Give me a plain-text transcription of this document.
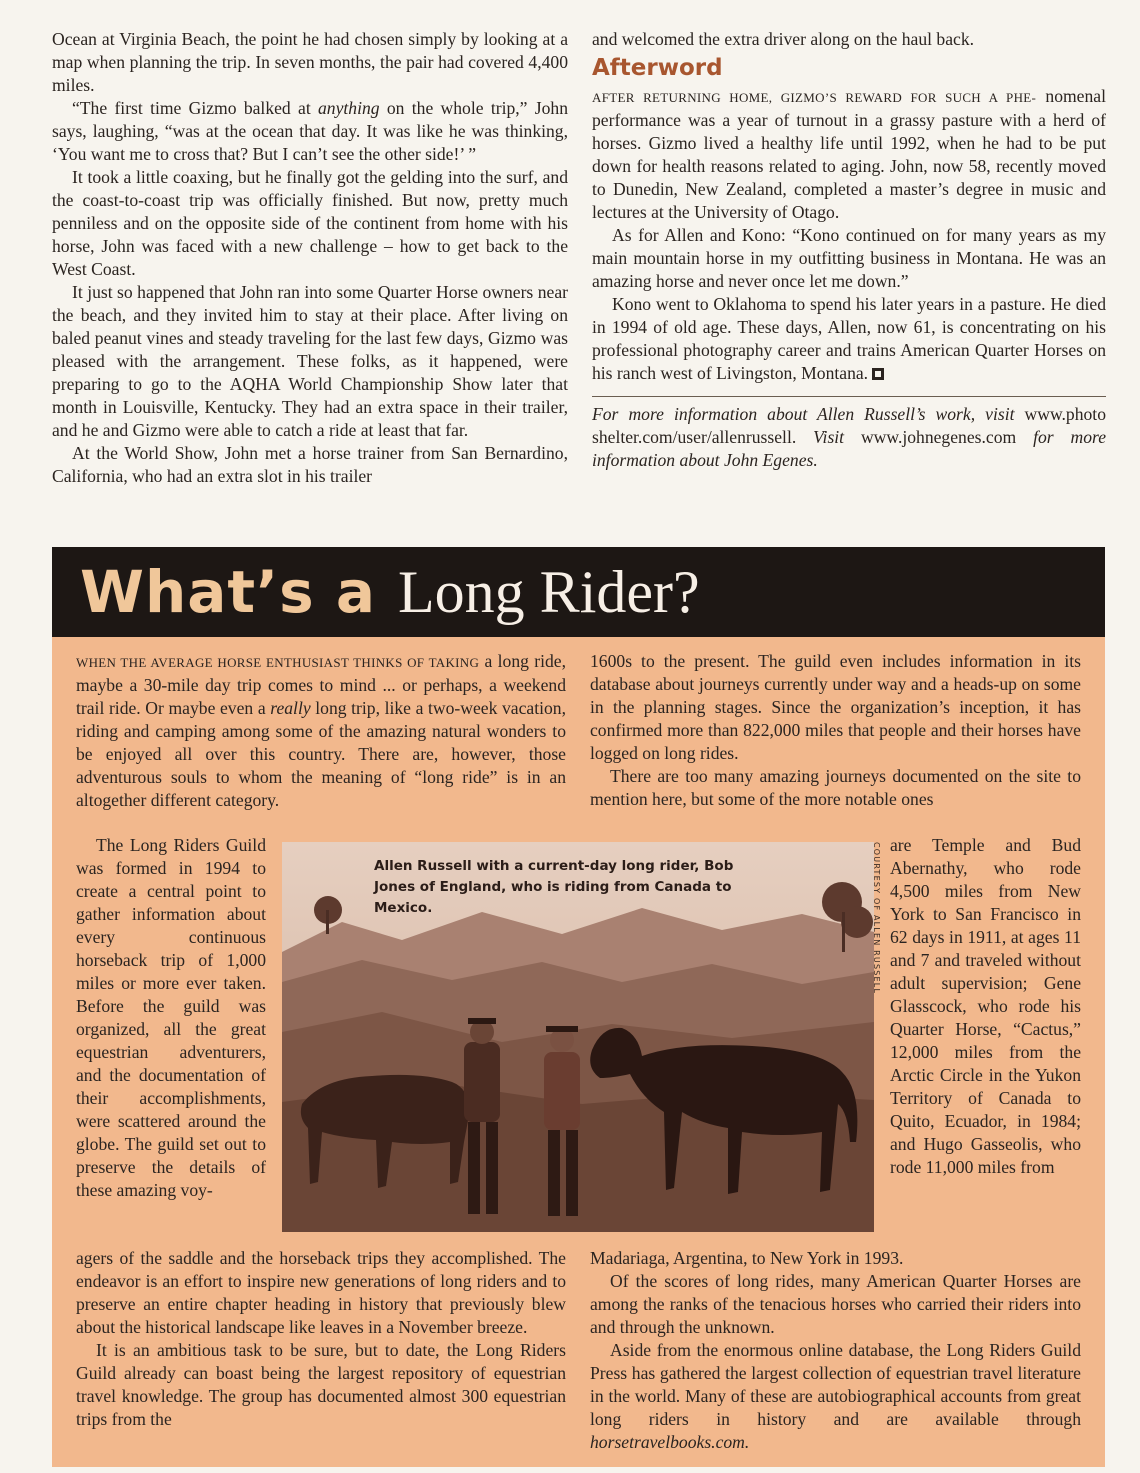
Ocean at Virginia Beach, the point he had chosen simply by looking at a map when planning the trip. In seven months, the pair had covered 4,400 miles.

“The first time Gizmo balked at anything on the whole trip,” John says, laughing, “was at the ocean that day. It was like he was thinking, ‘You want me to cross that? But I can’t see the other side!’ ”

It took a little coaxing, but he finally got the gelding into the surf, and the coast-to-coast trip was officially finished. But now, pretty much penniless and on the opposite side of the continent from home with his horse, John was faced with a new challenge – how to get back to the West Coast.

It just so happened that John ran into some Quarter Horse owners near the beach, and they invited him to stay at their place. After living on baled peanut vines and steady traveling for the last few days, Gizmo was pleased with the arrangement. These folks, as it happened, were preparing to go to the AQHA World Championship Show later that month in Louisville, Kentucky. They had an extra space in their trailer, and he and Gizmo were able to catch a ride at least that far.

At the World Show, John met a horse trainer from San Bernardino, California, who had an extra slot in his trailer

and welcomed the extra driver along on the haul back.

Afterword

AFTER RETURNING HOME, GIZMO’S REWARD FOR SUCH A PHE- nomenal performance was a year of turnout in a grassy pasture with a herd of horses. Gizmo lived a healthy life until 1992, when he had to be put down for health reasons related to aging. John, now 58, recently moved to Dunedin, New Zealand, completed a master’s degree in music and lectures at the University of Otago.

As for Allen and Kono: “Kono continued on for many years as my main mountain horse in my outfitting business in Montana. He was an amazing horse and never once let me down.”

Kono went to Oklahoma to spend his later years in a pasture. He died in 1994 of old age. These days, Allen, now 61, is concentrating on his professional photography career and trains American Quarter Horses on his ranch west of Livingston, Montana.

For more information about Allen Russell’s work, visit www.photo shelter.com/user/allenrussell. Visit www.johnegenes.com for more information about John Egenes.

What’s a Long Rider?

WHEN THE AVERAGE HORSE ENTHUSIAST THINKS OF TAKING a long ride, maybe a 30-mile day trip comes to mind ... or perhaps, a weekend trail ride. Or maybe even a really long trip, like a two-week vacation, riding and camping among some of the amazing natural wonders to be enjoyed all over this country. There are, however, those adventurous souls to whom the meaning of “long ride” is in an altogether different category.

The Long Riders Guild was formed in 1994 to create a central point to gather information about every continuous horseback trip of 1,000 miles or more ever taken. Before the guild was organized, all the great equestrian adventurers, and the documentation of their accomplishments, were scattered around the globe. The guild set out to preserve the details of these amazing voy-

1600s to the present. The guild even includes information in its database about journeys currently under way and a heads-up on some in the planning stages. Since the organization’s inception, it has confirmed more than 822,000 miles that people and their horses have logged on long rides.

There are too many amazing journeys documented on the site to mention here, but some of the more notable ones

are Temple and Bud Abernathy, who rode 4,500 miles from New York to San Francisco in 62 days in 1911, at ages 11 and 7 and traveled without adult supervision; Gene Glasscock, who rode his Quarter Horse, “Cactus,” 12,000 miles from the Arctic Circle in the Yukon Territory of Canada to Quito, Ecuador, in 1984; and Hugo Gasseolis, who rode 11,000 miles from

Allen Russell with a current-day long rider, Bob Jones of England, who is riding from Canada to Mexico.	COURTESY OF ALLEN RUSSELL

agers of the saddle and the horseback trips they accomplished. The endeavor is an effort to inspire new generations of long riders and to preserve an entire chapter heading in history that previously blew about the historical landscape like leaves in a November breeze.

It is an ambitious task to be sure, but to date, the Long Riders Guild already can boast being the largest repository of equestrian travel knowledge. The group has documented almost 300 equestrian trips from the

Madariaga, Argentina, to New York in 1993.

Of the scores of long rides, many American Quarter Horses are among the ranks of the tenacious horses who carried their riders into and through the unknown.

Aside from the enormous online database, the Long Riders Guild Press has gathered the largest collection of equestrian travel literature in the world. Many of these are autobiographical accounts from great long riders in history and are available through horsetravelbooks.com.
